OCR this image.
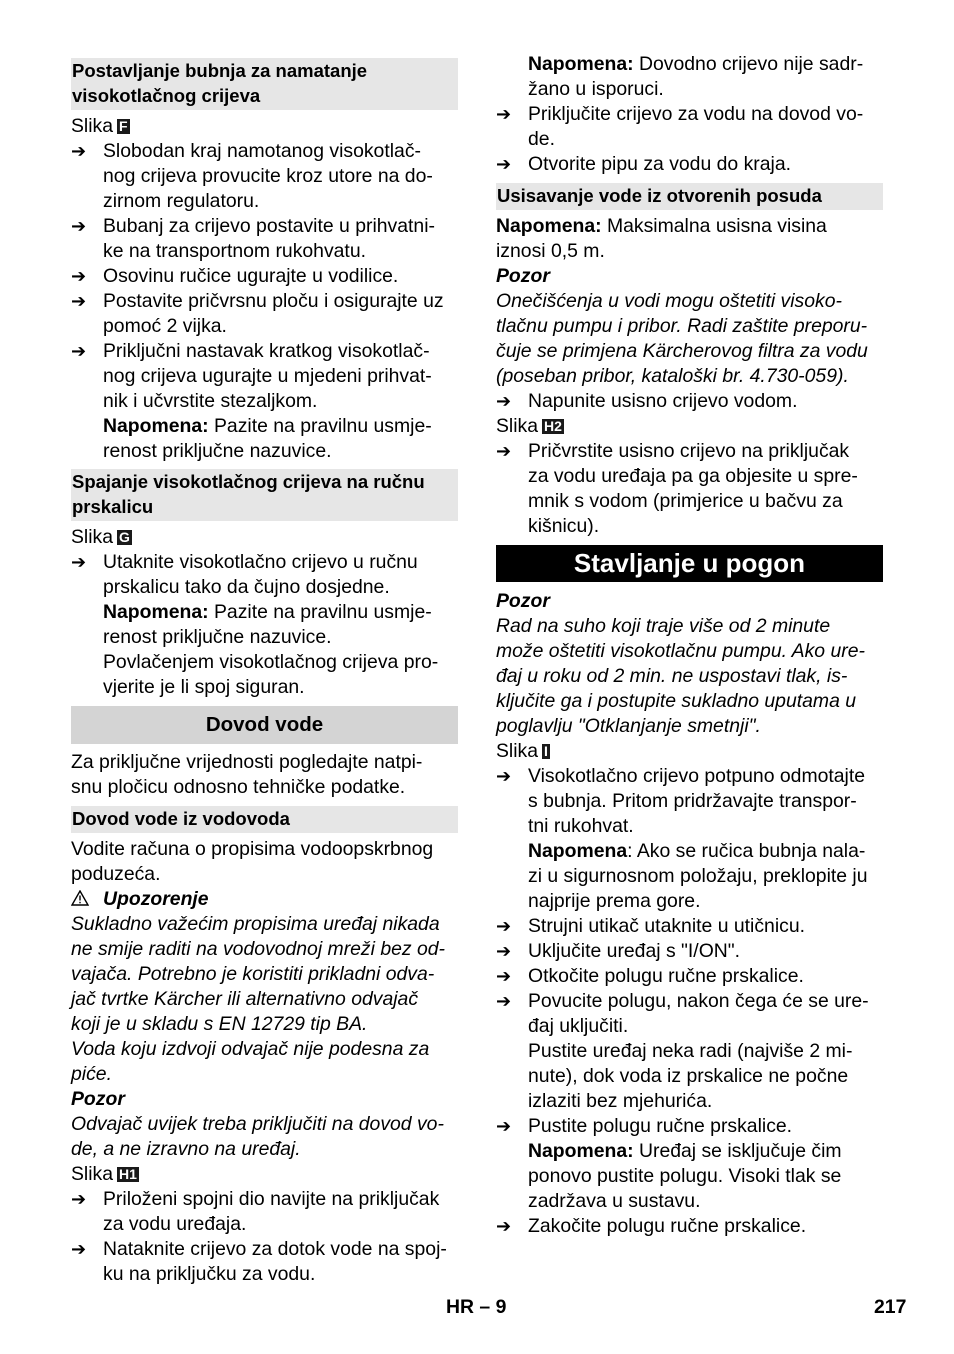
Postavljanje bubnja za namatanje
visokotlačnog crijeva
Slika F
➔ Slobodan kraj namotanog visokotlač-
nog crijeva provucite kroz utore na do-
zirnom regulatoru.
➔ Bubanj za crijevo postavite u prihvatni-
ke na transportnom rukohvatu.
➔ Osovinu ručice ugurajte u vodilice.
➔ Postavite pričvrsnu ploču i osigurajte uz
pomoć 2 vijka.
➔ Priključni nastavak kratkog visokotlač-
nog crijeva ugurajte u mjedeni prihvat-
nik i učvrstite stezaljkom.
Napomena: Pazite na pravilnu usmje-
renost priključne nazuvice.
Spajanje visokotlačnog crijeva na ručnu
prskalicu
Slika G
➔ Utaknite visokotlačno crijevo u ručnu
prskalicu tako da čujno dosjedne.
Napomena: Pazite na pravilnu usmje-
renost priključne nazuvice.
Povlačenjem visokotlačnog crijeva pro-
vjerite je li spoj siguran.
Dovod vode
Za priključne vrijednosti pogledajte natpi-
snu pločicu odnosno tehničke podatke.
Dovod vode iz vodovoda
Vodite računa o propisima vodoopskrbnog
poduzeća.
Upozorenje
Sukladno važećim propisima uređaj nikada
ne smije raditi na vodovodnoj mreži bez od-
vajača. Potrebno je koristiti prikladni odva-
jač tvrtke Kärcher ili alternativno odvajač
koji je u skladu s EN 12729 tip BA.
Voda koju izdvoji odvajač nije podesna za
piće.
Pozor
Odvajač uvijek treba priključiti na dovod vo-
de, a ne izravno na uređaj.
Slika H1
➔ Priloženi spojni dio navijte na priključak
za vodu uređaja.
➔ Nataknite crijevo za dotok vode na spoj-
ku na priključku za vodu.
Napomena: Dovodno crijevo nije sadr-
žano u isporuci.
➔ Priključite crijevo za vodu na dovod vo-
de.
➔ Otvorite pipu za vodu do kraja.
Usisavanje vode iz otvorenih posuda
Napomena: Maksimalna usisna visina
iznosi 0,5 m.
Pozor
Onečišćenja u vodi mogu oštetiti visoko-
tlačnu pumpu i pribor. Radi zaštite preporu-
čuje se primjena Kärcherovog filtra za vodu
(poseban pribor, kataloški br. 4.730-059).
➔ Napunite usisno crijevo vodom.
Slika H2
➔ Pričvrstite usisno crijevo na priključak
za vodu uređaja pa ga objesite u spre-
mnik s vodom (primjerice u bačvu za
kišnicu).
Stavljanje u pogon
Pozor
Rad na suho koji traje više od 2 minute
može oštetiti visokotlačnu pumpu. Ako ure-
đaj u roku od 2 min. ne uspostavi tlak, is-
ključite ga i postupite sukladno uputama u
poglavlju "Otklanjanje smetnji".
Slika I
➔ Visokotlačno crijevo potpuno odmotajte
s bubnja. Pritom pridržavajte transpor-
tni rukohvat.
Napomena: Ako se ručica bubnja nala-
zi u sigurnosnom položaju, preklopite ju
najprije prema gore.
➔ Strujni utikač utaknite u utičnicu.
➔ Uključite uređaj s "I/ON".
➔ Otkočite polugu ručne prskalice.
➔ Povucite polugu, nakon čega će se ure-
đaj uključiti.
Pustite uređaj neka radi (najviše 2 mi-
nute), dok voda iz prskalice ne počne
izlaziti bez mjehurića.
➔ Pustite polugu ručne prskalice.
Napomena: Uređaj se isključuje čim
ponovo pustite polugu. Visoki tlak se
zadržava u sustavu.
➔ Zakočite polugu ručne prskalice.
HR – 9	217
